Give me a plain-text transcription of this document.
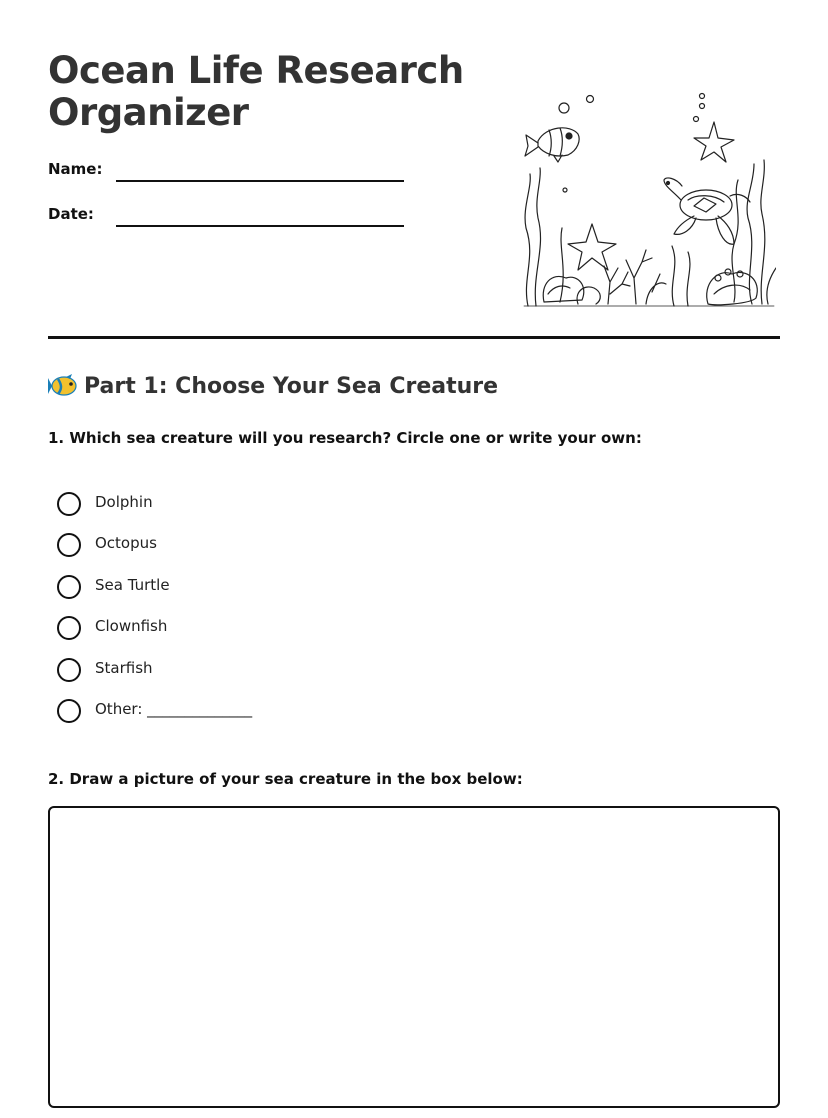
Ocean Life Research Organizer
Name:
Date:
Part 1: Choose Your Sea Creature

1. Which sea creature will you research? Circle one or write your own:

Dolphin
Octopus
Sea Turtle
Clownfish
Starfish
Other: ______________

2. Draw a picture of your sea creature in the box below:
